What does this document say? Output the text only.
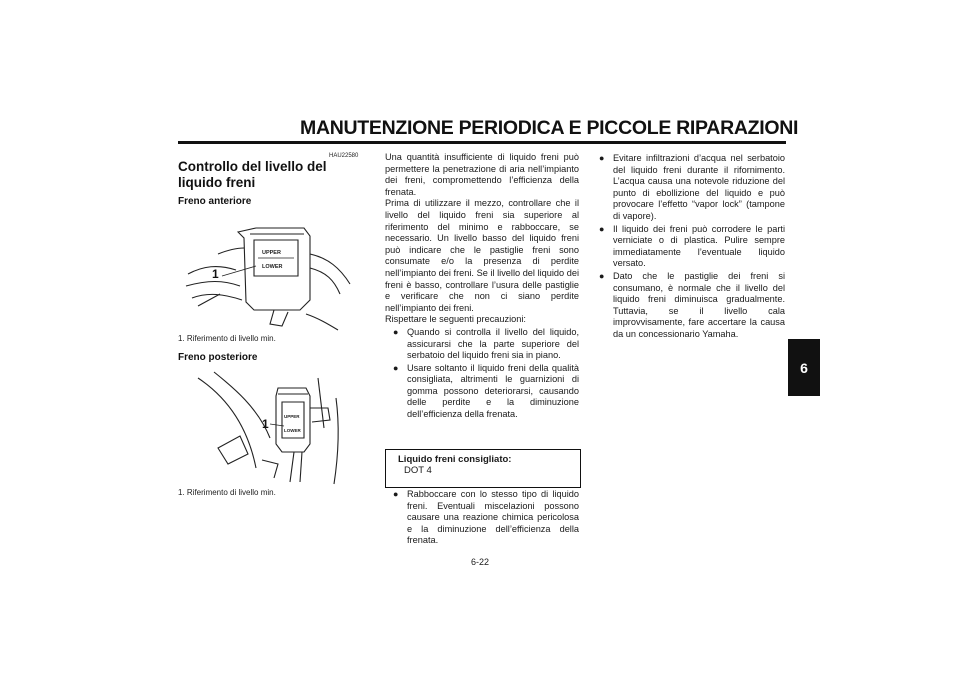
MANUTENZIONE PERIODICA E PICCOLE RIPARAZIONI
6
HAU22580
Controllo del livello del liquido freni
Freno anteriore
UPPER
LOWER
1
1. Riferimento di livello min.
Freno posteriore
UPPER
LOWER
1
1. Riferimento di livello min.

Una quantità insufficiente di liquido freni può permettere la penetrazione di aria nell’impianto dei freni, compromettendo l’efficienza della frenata.

Prima di utilizzare il mezzo, controllare che il livello del liquido freni sia superiore al riferimento del minimo e rabboccare, se necessario. Un livello basso del liquido freni può indicare che le pastiglie freni sono consumate e/o la presenza di perdite nell’impianto dei freni. Se il livello del liquido dei freni è basso, controllare l’usura delle pastiglie e verificare che non ci siano perdite nell’impianto dei freni.

Rispettare le seguenti precauzioni:

● Quando si controlla il livello del liquido, assicurarsi che la parte superiore del serbatoio del liquido freni sia in piano.
● Usare soltanto il liquido freni della qualità consigliata, altrimenti le guarnizioni di gomma possono deteriorarsi, causando delle perdite e la diminuzione dell’efficienza della frenata.
Liquido freni consigliato:
DOT 4
● Rabboccare con lo stesso tipo di liquido freni. Eventuali miscelazioni possono causare una reazione chimica pericolosa e la diminuzione dell’efficienza della frenata.
● Evitare infiltrazioni d’acqua nel serbatoio del liquido freni durante il rifornimento. L’acqua causa una notevole riduzione del punto di ebollizione del liquido e può provocare l’effetto “vapor lock” (tampone di vapore).
● Il liquido dei freni può corrodere le parti verniciate o di plastica. Pulire sempre immediatamente l’eventuale liquido versato.
● Dato che le pastiglie dei freni si consumano, è normale che il livello del liquido freni diminuisca gradualmente. Tuttavia, se il livello cala improvvisamente, fare accertare la causa da un concessionario Yamaha.
6-22
